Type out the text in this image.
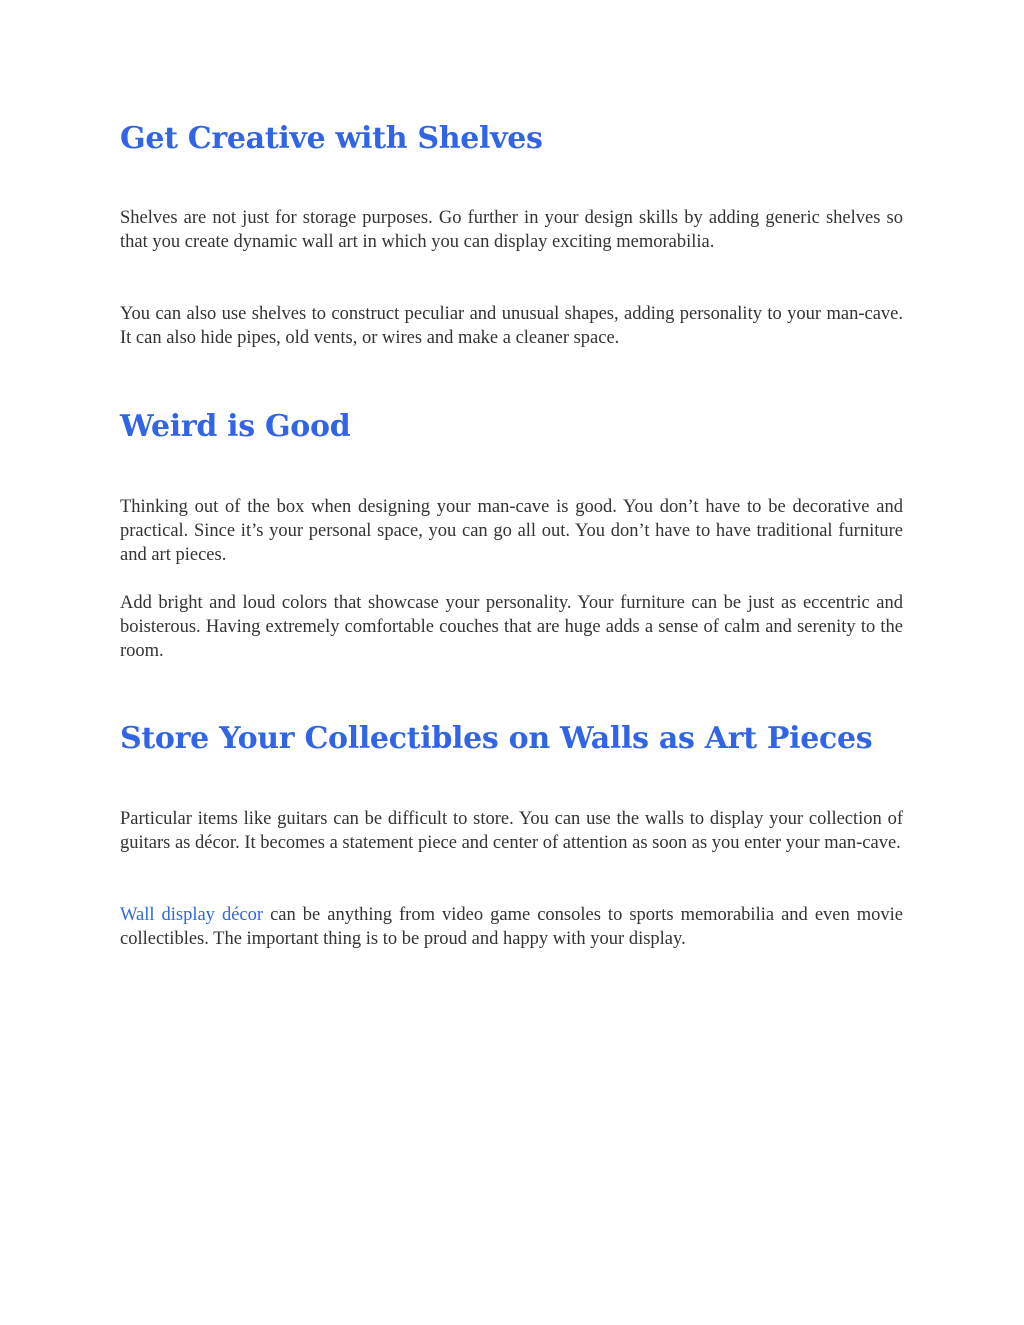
Get Creative with Shelves

Shelves are not just for storage purposes. Go further in your design skills by adding generic shelves so that you create dynamic wall art in which you can display exciting memorabilia.

You can also use shelves to construct peculiar and unusual shapes, adding personality to your man-cave. It can also hide pipes, old vents, or wires and make a cleaner space.

Weird is Good

Thinking out of the box when designing your man-cave is good. You don’t have to be decorative and practical. Since it’s your personal space, you can go all out. You don’t have to have traditional furniture and art pieces.

Add bright and loud colors that showcase your personality. Your furniture can be just as eccentric and boisterous. Having extremely comfortable couches that are huge adds a sense of calm and serenity to the room.

Store Your Collectibles on Walls as Art Pieces

Particular items like guitars can be difficult to store. You can use the walls to display your collection of guitars as décor. It becomes a statement piece and center of attention as soon as you enter your man-cave.

Wall display décor can be anything from video game consoles to sports memorabilia and even movie collectibles. The important thing is to be proud and happy with your display.
